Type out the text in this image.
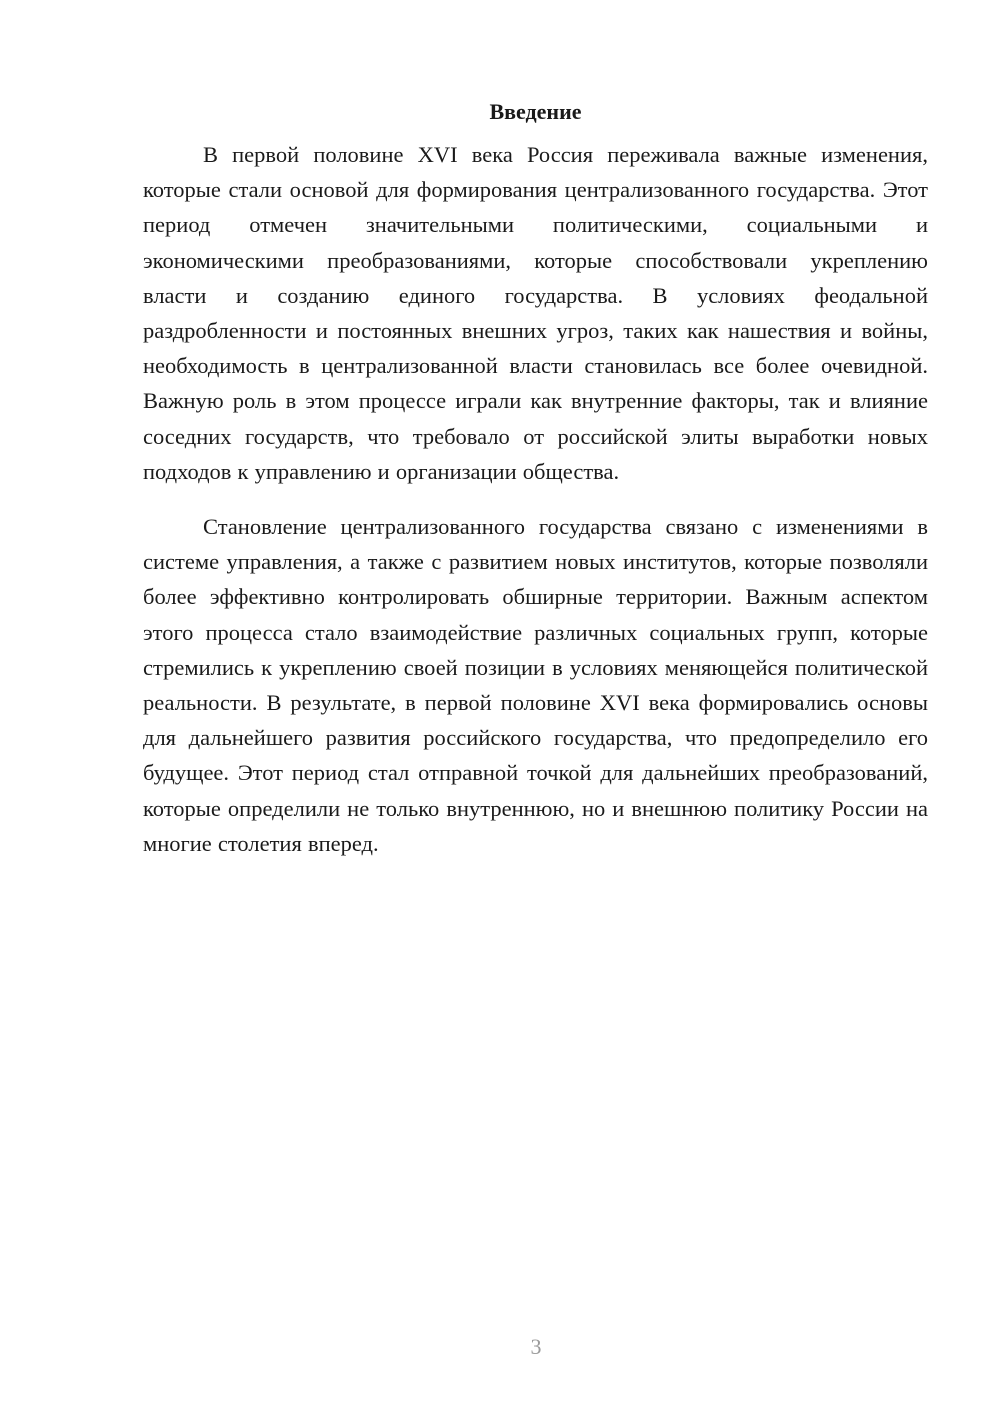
Введение

В первой половине XVI века Россия переживала важные изменения, которые стали основой для формирования централизованного государства. Этот период отмечен значительными политическими, социальными и экономическими преобразованиями, которые способствовали укреплению власти и созданию единого государства. В условиях феодальной раздробленности и постоянных внешних угроз, таких как нашествия и войны, необходимость в централизованной власти становилась все более очевидной. Важную роль в этом процессе играли как внутренние факторы, так и влияние соседних государств, что требовало от российской элиты выработки новых подходов к управлению и организации общества.

Становление централизованного государства связано с изменениями в системе управления, а также с развитием новых институтов, которые позволяли более эффективно контролировать обширные территории. Важным аспектом этого процесса стало взаимодействие различных социальных групп, которые стремились к укреплению своей позиции в условиях меняющейся политической реальности. В результате, в первой половине XVI века формировались основы для дальнейшего развития российского государства, что предопределило его будущее. Этот период стал отправной точкой для дальнейших преобразований, которые определили не только внутреннюю, но и внешнюю политику России на многие столетия вперед.

3
